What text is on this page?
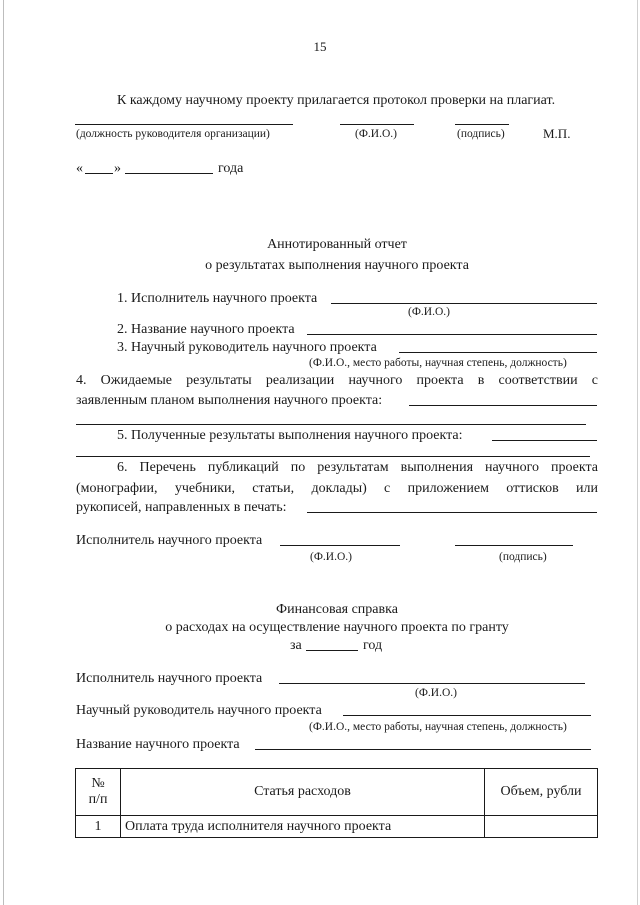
15
К каждому научному проекту прилагается протокол проверки на плагиат.
(должность руководителя организации)	(Ф.И.О.)	(подпись)	М.П.
« »	года
Аннотированный отчет
о результатах выполнения научного проекта
1. Исполнитель научного проекта
(Ф.И.О.)
2. Название научного проекта
3. Научный руководитель научного проекта
(Ф.И.О., место работы, научная степень, должность)
4. Ожидаемые результаты реализации научного проекта в соответствии с
заявленным планом выполнения научного проекта:
5. Полученные результаты выполнения научного проекта:
6. Перечень публикаций по результатам выполнения научного проекта
(монографии, учебники, статьи, доклады) с приложением оттисков или
рукописей, направленных в печать:
Исполнитель научного проекта
(Ф.И.О.)	(подпись)
Финансовая справка
о расходах на осуществление научного проекта по гранту
за	год
Исполнитель научного проекта
(Ф.И.О.)
Научный руководитель научного проекта
(Ф.И.О., место работы, научная степень, должность)
Название научного проекта
№
п/п	Статья расходов	Объем, рубли
1	Оплата труда исполнителя научного проекта	
